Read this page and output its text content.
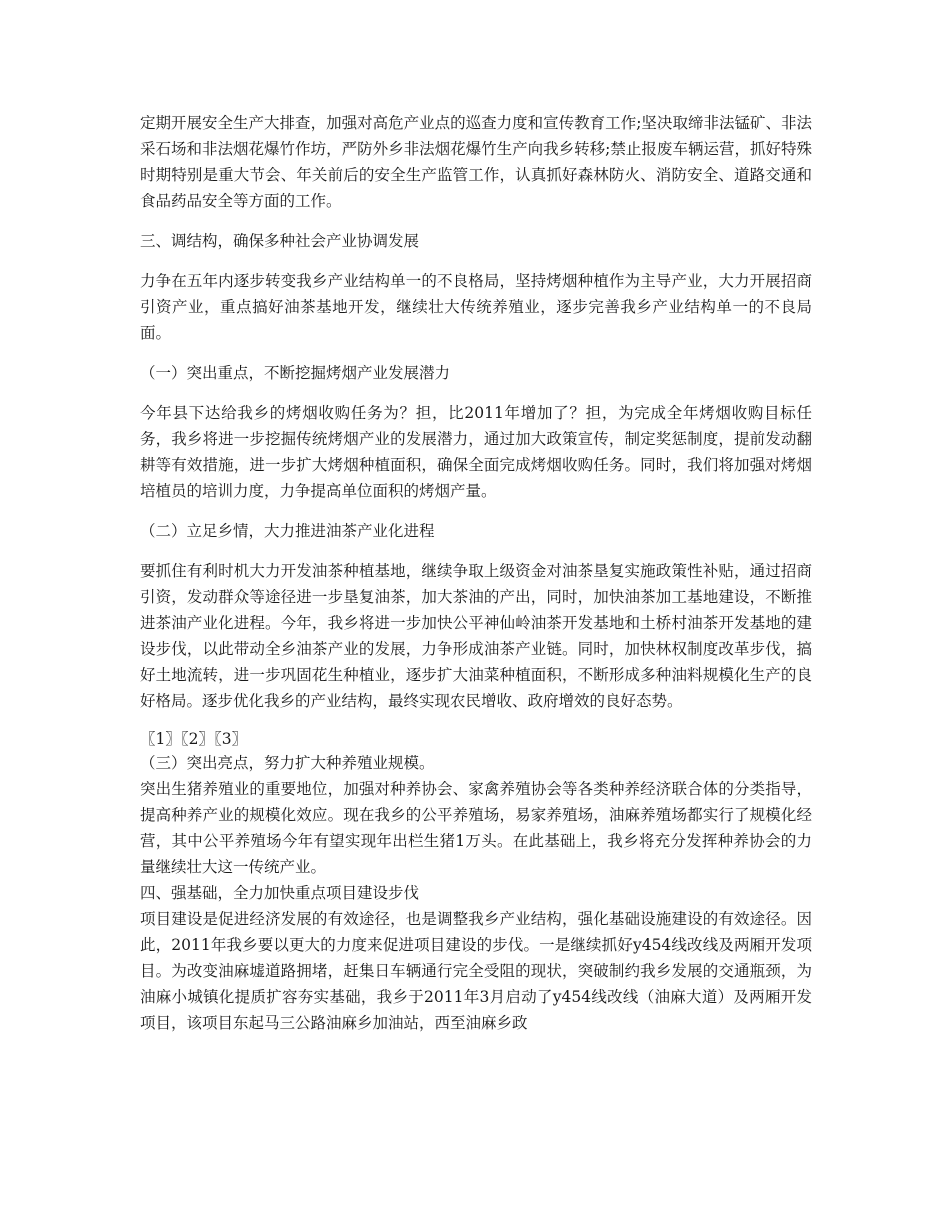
定期开展安全生产大排查，加强对高危产业点的巡查力度和宣传教育工作;坚决取缔非法锰矿、非法采石场和非法烟花爆竹作坊，严防外乡非法烟花爆竹生产向我乡转移;禁止报废车辆运营，抓好特殊时期特别是重大节会、年关前后的安全生产监管工作，认真抓好森林防火、消防安全、道路交通和食品药品安全等方面的工作。

三、调结构，确保多种社会产业协调发展

力争在五年内逐步转变我乡产业结构单一的不良格局，坚持烤烟种植作为主导产业，大力开展招商引资产业，重点搞好油茶基地开发，继续壮大传统养殖业，逐步完善我乡产业结构单一的不良局面。

（一）突出重点，不断挖掘烤烟产业发展潜力

今年县下达给我乡的烤烟收购任务为？担，比2011年增加了？担，为完成全年烤烟收购目标任务，我乡将进一步挖掘传统烤烟产业的发展潜力，通过加大政策宣传，制定奖惩制度，提前发动翻耕等有效措施，进一步扩大烤烟种植面积，确保全面完成烤烟收购任务。同时，我们将加强对烤烟培植员的培训力度，力争提高单位面积的烤烟产量。

（二）立足乡情，大力推进油茶产业化进程

要抓住有利时机大力开发油茶种植基地，继续争取上级资金对油茶垦复实施政策性补贴，通过招商引资，发动群众等途径进一步垦复油茶，加大茶油的产出，同时，加快油茶加工基地建设，不断推进茶油产业化进程。今年，我乡将进一步加快公平神仙岭油茶开发基地和土桥村油茶开发基地的建设步伐，以此带动全乡油茶产业的发展，力争形成油茶产业链。同时，加快林权制度改革步伐，搞好土地流转，进一步巩固花生种植业，逐步扩大油菜种植面积，不断形成多种油料规模化生产的良好格局。逐步优化我乡的产业结构，最终实现农民增收、政府增效的良好态势。

〖1〗〖2〗〖3〗

（三）突出亮点，努力扩大种养殖业规模。

突出生猪养殖业的重要地位，加强对种养协会、家禽养殖协会等各类种养经济联合体的分类指导，提高种养产业的规模化效应。现在我乡的公平养殖场，易家养殖场，油麻养殖场都实行了规模化经营，其中公平养殖场今年有望实现年出栏生猪1万头。在此基础上，我乡将充分发挥种养协会的力量继续壮大这一传统产业。

四、强基础，全力加快重点项目建设步伐

项目建设是促进经济发展的有效途径，也是调整我乡产业结构，强化基础设施建设的有效途径。因此，2011年我乡要以更大的力度来促进项目建设的步伐。一是继续抓好y454线改线及两厢开发项目。为改变油麻墟道路拥堵，赶集日车辆通行完全受阻的现状，突破制约我乡发展的交通瓶颈，为油麻小城镇化提质扩容夯实基础，我乡于2011年3月启动了y454线改线（油麻大道）及两厢开发项目，该项目东起马三公路油麻乡加油站，西至油麻乡政
